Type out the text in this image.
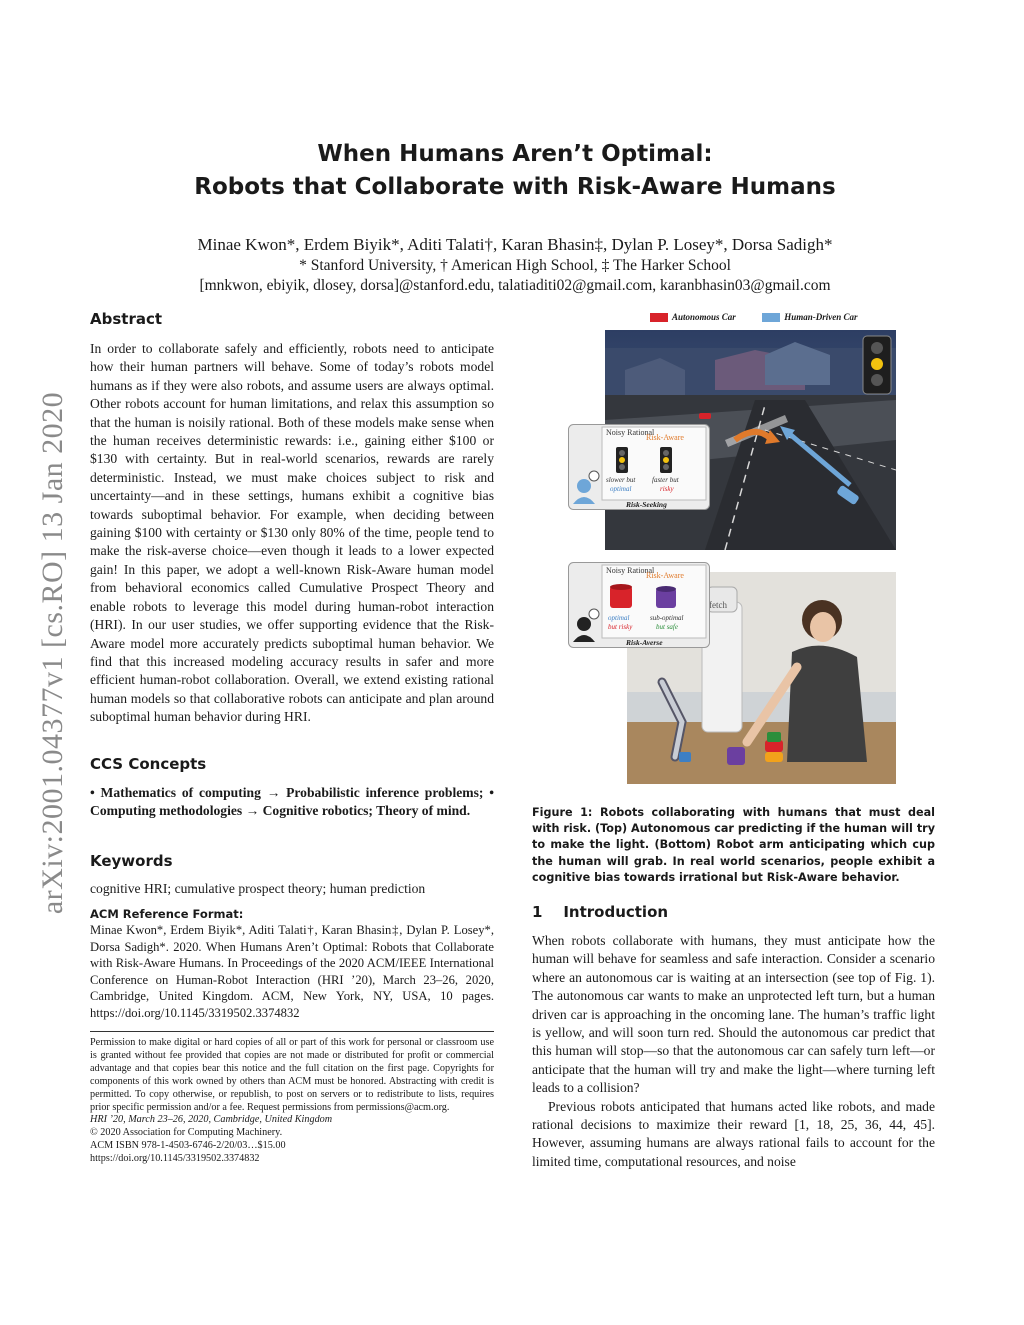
arXiv:2001.04377v1 [cs.RO] 13 Jan 2020
When Humans Aren’t Optimal:
Robots that Collaborate with Risk-Aware Humans
Minae Kwon*, Erdem Biyik*, Aditi Talati†, Karan Bhasin‡, Dylan P. Losey*, Dorsa Sadigh*
* Stanford University, † American High School, ‡ The Harker School
[mnkwon, ebiyik, dlosey, dorsa]@stanford.edu, talatiaditi02@gmail.com, karanbhasin03@gmail.com
Abstract
In order to collaborate safely and efficiently, robots need to anticipate how their human partners will behave. Some of today’s robots model humans as if they were also robots, and assume users are always optimal. Other robots account for human limitations, and relax this assumption so that the human is noisily rational. Both of these models make sense when the human receives deterministic rewards: i.e., gaining either $100 or $130 with certainty. But in real-world scenarios, rewards are rarely deterministic. Instead, we must make choices subject to risk and uncertainty—and in these settings, humans exhibit a cognitive bias towards suboptimal behavior. For example, when deciding between gaining $100 with certainty or $130 only 80% of the time, people tend to make the risk-averse choice—even though it leads to a lower expected gain! In this paper, we adopt a well-known Risk-Aware human model from behavioral economics called Cumulative Prospect Theory and enable robots to leverage this model during human-robot interaction (HRI). In our user studies, we offer supporting evidence that the Risk-Aware model more accurately predicts suboptimal human behavior. We find that this increased modeling accuracy results in safer and more efficient human-robot collaboration. Overall, we extend existing rational human models so that collaborative robots can anticipate and plan around suboptimal human behavior during HRI.
CCS Concepts
• Mathematics of computing → Probabilistic inference problems; • Computing methodologies → Cognitive robotics; Theory of mind.
Keywords
cognitive HRI; cumulative prospect theory; human prediction
ACM Reference Format:
Minae Kwon*, Erdem Biyik*, Aditi Talati†, Karan Bhasin‡, Dylan P. Losey*, Dorsa Sadigh*. 2020. When Humans Aren’t Optimal: Robots that Collaborate with Risk-Aware Humans. In Proceedings of the 2020 ACM/IEEE International Conference on Human-Robot Interaction (HRI ’20), March 23–26, 2020, Cambridge, United Kingdom. ACM, New York, NY, USA, 10 pages. https://doi.org/10.1145/3319502.3374832
Permission to make digital or hard copies of all or part of this work for personal or classroom use is granted without fee provided that copies are not made or distributed for profit or commercial advantage and that copies bear this notice and the full citation on the first page. Copyrights for components of this work owned by others than ACM must be honored. Abstracting with credit is permitted. To copy otherwise, or republish, to post on servers or to redistribute to lists, requires prior specific permission and/or a fee. Request permissions from permissions@acm.org.
HRI ’20, March 23–26, 2020, Cambridge, United Kingdom
© 2020 Association for Computing Machinery.
ACM ISBN 978-1-4503-6746-2/20/03…$15.00
https://doi.org/10.1145/3319502.3374832
Autonomous Car	Human-Driven Car
Noisy Rational
Risk-Aware
slower but
optimal
faster but
risky
Risk-Seeking
fetch
Noisy Rational
Risk-Aware
optimal
but risky
sub-optimal
but safe
Risk-Averse
Figure 1: Robots collaborating with humans that must deal with risk. (Top) Autonomous car predicting if the human will try to make the light. (Bottom) Robot arm anticipating which cup the human will grab. In real world scenarios, people exhibit a cognitive bias towards irrational but Risk-Aware behavior.
1    Introduction

When robots collaborate with humans, they must anticipate how the human will behave for seamless and safe interaction. Consider a scenario where an autonomous car is waiting at an intersection (see top of Fig. 1). The autonomous car wants to make an unprotected left turn, but a human driven car is approaching in the oncoming lane. The human’s traffic light is yellow, and will soon turn red. Should the autonomous car predict that this human will stop—so that the autonomous car can safely turn left—or anticipate that the human will try and make the light—where turning left leads to a collision?

Previous robots anticipated that humans acted like robots, and made rational decisions to maximize their reward [1, 18, 25, 36, 44, 45]. However, assuming humans are always rational fails to account for the limited time, computational resources, and noise
